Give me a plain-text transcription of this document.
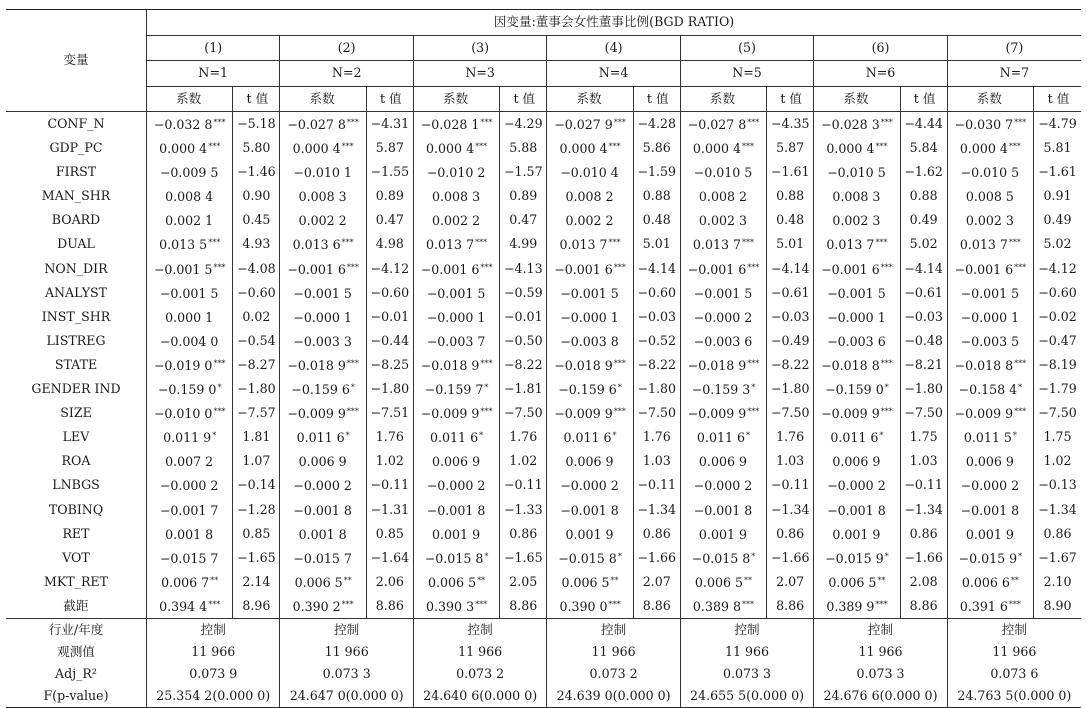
变量	因变量:董事会女性董事比例(BGD RATIO)													
	(1)		(2)		(3)		(4)		(5)		(6)		(7)	
	N=1		N=2		N=3		N=4		N=5		N=6		N=7	
	系数	t 值	系数	t 值	系数	t 值	系数	t 值	系数	t 值	系数	t 值	系数	t 值
CONF_N	−0.032 8***	−5.18	−0.027 8***	−4.31	−0.028 1***	−4.29	−0.027 9***	−4.28	−0.027 8***	−4.35	−0.028 3***	−4.44	−0.030 7***	−4.79
GDP_PC	0.000 4***	5.80	0.000 4***	5.87	0.000 4***	5.88	0.000 4***	5.86	0.000 4***	5.87	0.000 4***	5.84	0.000 4***	5.81
FIRST	−0.009 5	−1.46	−0.010 1	−1.55	−0.010 2	−1.57	−0.010 4	−1.59	−0.010 5	−1.61	−0.010 5	−1.62	−0.010 5	−1.61
MAN_SHR	0.008 4	0.90	0.008 3	0.89	0.008 3	0.89	0.008 2	0.88	0.008 2	0.88	0.008 3	0.88	0.008 5	0.91
BOARD	0.002 1	0.45	0.002 2	0.47	0.002 2	0.47	0.002 2	0.48	0.002 3	0.48	0.002 3	0.49	0.002 3	0.49
DUAL	0.013 5***	4.93	0.013 6***	4.98	0.013 7***	4.99	0.013 7***	5.01	0.013 7***	5.01	0.013 7***	5.02	0.013 7***	5.02
NON_DIR	−0.001 5***	−4.08	−0.001 6***	−4.12	−0.001 6***	−4.13	−0.001 6***	−4.14	−0.001 6***	−4.14	−0.001 6***	−4.14	−0.001 6***	−4.12
ANALYST	−0.001 5	−0.60	−0.001 5	−0.60	−0.001 5	−0.59	−0.001 5	−0.60	−0.001 5	−0.61	−0.001 5	−0.61	−0.001 5	−0.60
INST_SHR	0.000 1	0.02	−0.000 1	−0.01	−0.000 1	−0.01	−0.000 1	−0.03	−0.000 2	−0.03	−0.000 1	−0.03	−0.000 1	−0.02
LISTREG	−0.004 0	−0.54	−0.003 3	−0.44	−0.003 7	−0.50	−0.003 8	−0.52	−0.003 6	−0.49	−0.003 6	−0.48	−0.003 5	−0.47
STATE	−0.019 0***	−8.27	−0.018 9***	−8.25	−0.018 9***	−8.22	−0.018 9***	−8.22	−0.018 9***	−8.22	−0.018 8***	−8.21	−0.018 8***	−8.19
GENDER IND	−0.159 0*	−1.80	−0.159 6*	−1.80	−0.159 7*	−1.81	−0.159 6*	−1.80	−0.159 3*	−1.80	−0.159 0*	−1.80	−0.158 4*	−1.79
SIZE	−0.010 0***	−7.57	−0.009 9***	−7.51	−0.009 9***	−7.50	−0.009 9***	−7.50	−0.009 9***	−7.50	−0.009 9***	−7.50	−0.009 9***	−7.50
LEV	0.011 9*	1.81	0.011 6*	1.76	0.011 6*	1.76	0.011 6*	1.76	0.011 6*	1.76	0.011 6*	1.75	0.011 5*	1.75
ROA	0.007 2	1.07	0.006 9	1.02	0.006 9	1.02	0.006 9	1.03	0.006 9	1.03	0.006 9	1.03	0.006 9	1.02
LNBGS	−0.000 2	−0.14	−0.000 2	−0.11	−0.000 2	−0.11	−0.000 2	−0.11	−0.000 2	−0.11	−0.000 2	−0.11	−0.000 2	−0.13
TOBINQ	−0.001 7	−1.28	−0.001 8	−1.31	−0.001 8	−1.33	−0.001 8	−1.34	−0.001 8	−1.34	−0.001 8	−1.34	−0.001 8	−1.34
RET	0.001 8	0.85	0.001 8	0.85	0.001 9	0.86	0.001 9	0.86	0.001 9	0.86	0.001 9	0.86	0.001 9	0.86
VOT	−0.015 7	−1.65	−0.015 7	−1.64	−0.015 8*	−1.65	−0.015 8*	−1.66	−0.015 8*	−1.66	−0.015 9*	−1.66	−0.015 9*	−1.67
MKT_RET	0.006 7**	2.14	0.006 5**	2.06	0.006 5**	2.05	0.006 5**	2.07	0.006 5**	2.07	0.006 5**	2.08	0.006 6**	2.10
截距	0.394 4***	8.96	0.390 2***	8.86	0.390 3***	8.86	0.390 0***	8.86	0.389 8***	8.86	0.389 9***	8.86	0.391 6***	8.90
行业/年度	控制		控制		控制		控制		控制		控制		控制	
观测值	11 966		11 966		11 966		11 966		11 966		11 966		11 966	
Adj_R²	0.073 9		0.073 3		0.073 2		0.073 2		0.073 3		0.073 3		0.073 6	
F(p-value)	25.354 2(0.000 0)		24.647 0(0.000 0)		24.640 6(0.000 0)		24.639 0(0.000 0)		24.655 5(0.000 0)		24.676 6(0.000 0)		24.763 5(0.000 0)	
